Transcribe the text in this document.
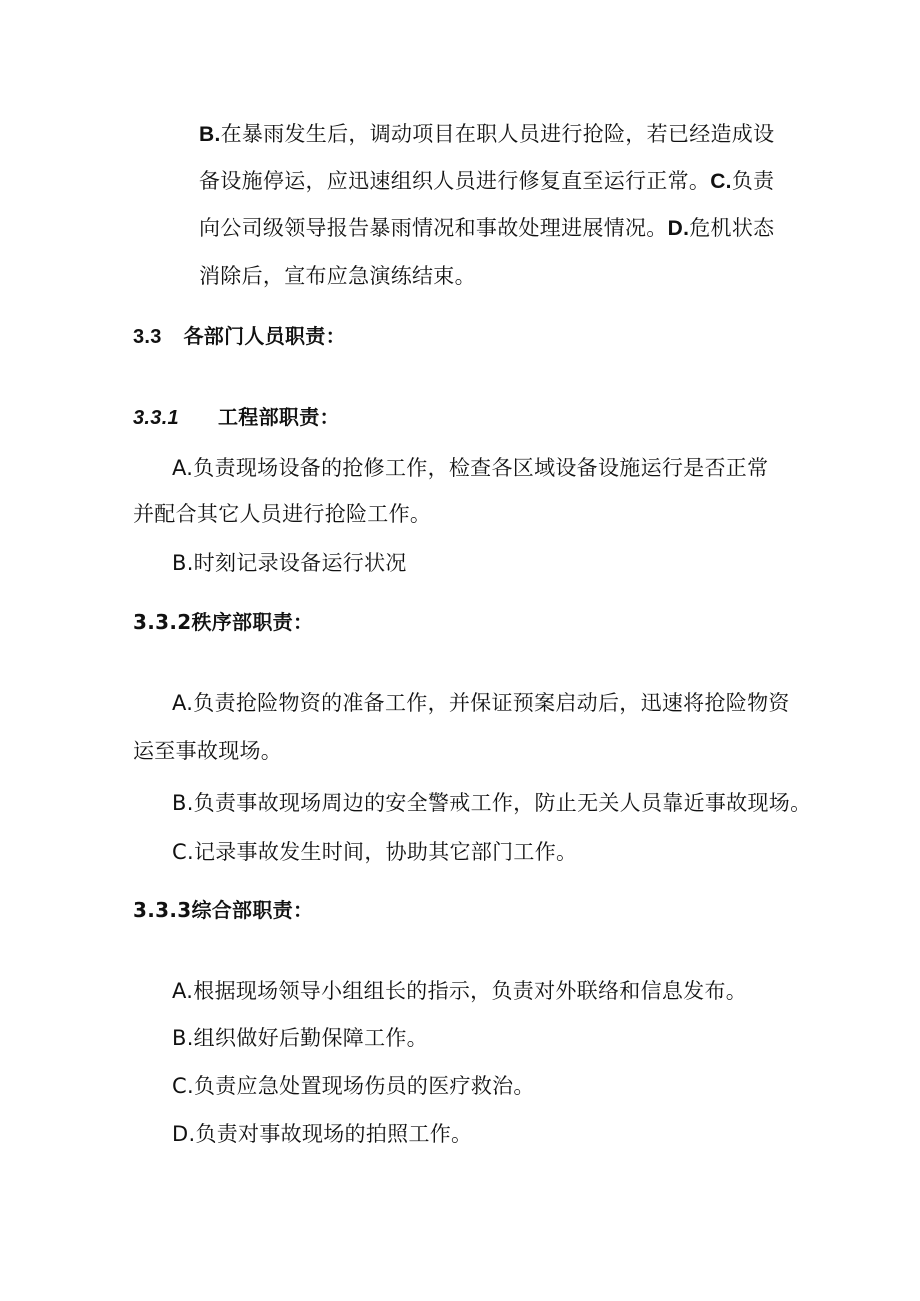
B.在暴雨发生后，调动项目在职人员进行抢险，若已经造成设
备设施停运，应迅速组织人员进行修复直至运行正常。C.负责
向公司级领导报告暴雨情况和事故处理进展情况。D.危机状态
消除后，宣布应急演练结束。
3.3 各部门人员职责：
3.3.1 工程部职责：
A.负责现场设备的抢修工作，检查各区域设备设施运行是否正常
并配合其它人员进行抢险工作。
B.时刻记录设备运行状况
3.3.2秩序部职责：
A.负责抢险物资的准备工作，并保证预案启动后，迅速将抢险物资
运至事故现场。
B.负责事故现场周边的安全警戒工作，防止无关人员靠近事故现场。
C.记录事故发生时间，协助其它部门工作。
3.3.3综合部职责：
A.根据现场领导小组组长的指示，负责对外联络和信息发布。
B.组织做好后勤保障工作。
C.负责应急处置现场伤员的医疗救治。
D.负责对事故现场的拍照工作。
